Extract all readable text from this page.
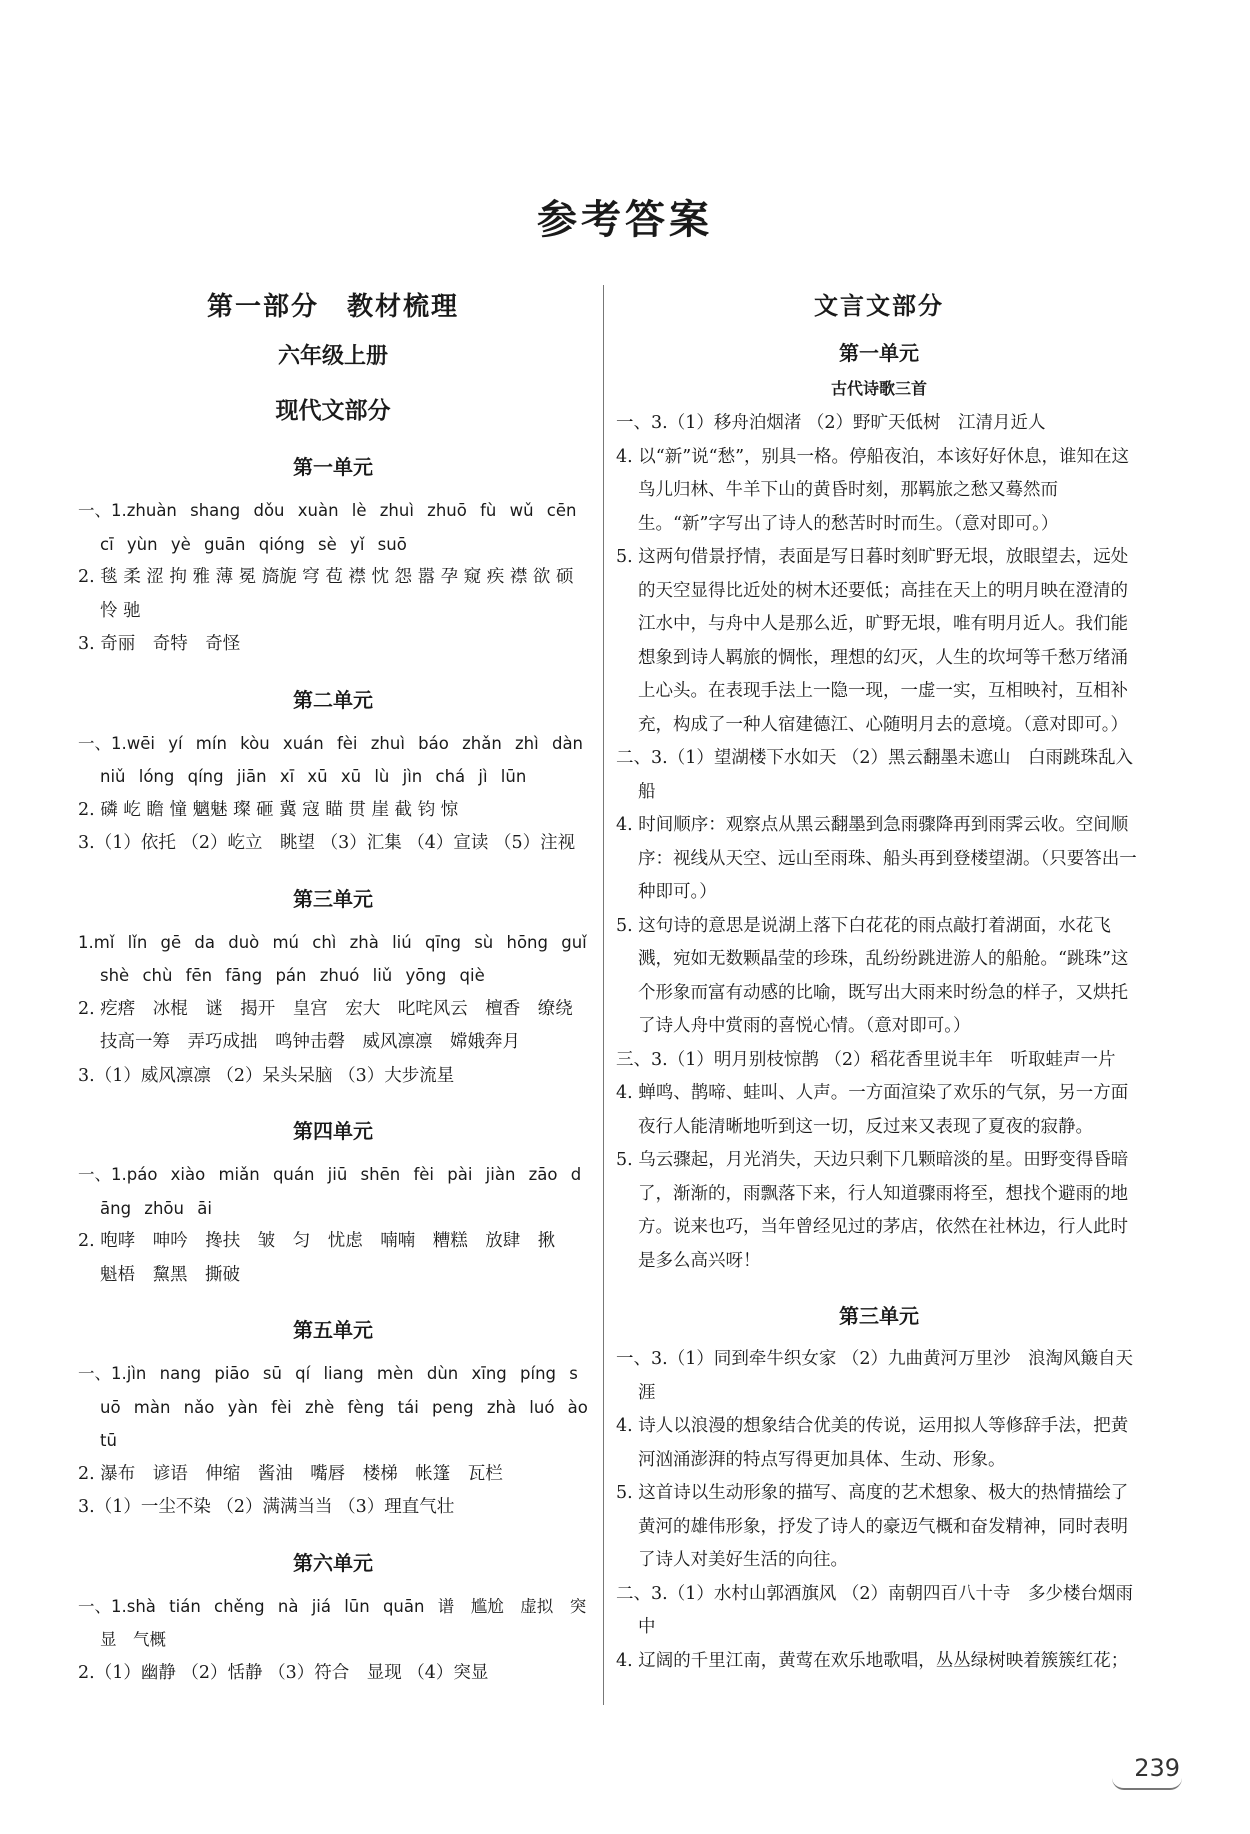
参考答案
第一部分　教材梳理
六年级上册
现代文部分
第一单元
一、1.zhuàn shang dǒu xuàn lè zhuì zhuō fù wǔ cēn cī yùn yè guān qióng sè yǐ suō
2. 毯 柔 涩 拘 雅 薄 冕 旖旎 穹 苞 襟 忱 怨 嚣 孕 窥 疾 襟 欲 硕 怜 驰
3. 奇丽　奇特　奇怪
第二单元
一、1.wēi yí mín kòu xuán fèi zhuì báo zhǎn zhì dàn niǔ lóng qíng jiān xī xū xū lù jìn chá jì lūn
2. 磷 屹 瞻 憧 魑魅 璨 砸 冀 寇 瞄 贯 崖 截 钧 惊
3.（1）依托 （2）屹立　眺望 （3）汇集 （4）宣读 （5）注视
第三单元
1.mǐ lǐn gē da duò mú chì zhà liú qīng sù hōng guǐ shè chù fēn fāng pán zhuó liǔ yōng qiè
2. 疙瘩　冰棍　谜　揭开　皇宫　宏大　叱咤风云　檀香　缭绕　技高一筹　弄巧成拙　鸣钟击磬　威风凛凛　嫦娥奔月
3.（1）威风凛凛 （2）呆头呆脑 （3）大步流星
第四单元
一、1.páo xiào miǎn quán jiū shēn fèi pài jiàn zāo dāng zhōu āi
2. 咆哮　呻吟　搀扶　皱　匀　忧虑　喃喃　糟糕　放肆　揪　魁梧　黧黑　撕破
第五单元
一、1.jìn nang piāo sū qí liang mèn dùn xīng píng suō màn nǎo yàn fèi zhè fèng tái peng zhà luó ào tū
2. 瀑布　谚语　伸缩　酱油　嘴唇　楼梯　帐篷　瓦栏
3.（1）一尘不染 （2）满满当当 （3）理直气壮
第六单元
一、1.shà tián chěng nà jiá lūn quān 谱　尴尬　虚拟　突显　气概
2.（1）幽静 （2）恬静 （3）符合　显现 （4）突显
文言文部分
第一单元
古代诗歌三首
一、3.（1）移舟泊烟渚 （2）野旷天低树　江清月近人
4. 以“新”说“愁”，别具一格。停船夜泊，本该好好休息，谁知在这鸟儿归林、牛羊下山的黄昏时刻，那羁旅之愁又蓦然而生。“新”字写出了诗人的愁苦时时而生。（意对即可。）
5. 这两句借景抒情，表面是写日暮时刻旷野无垠，放眼望去，远处的天空显得比近处的树木还要低；高挂在天上的明月映在澄清的江水中，与舟中人是那么近，旷野无垠，唯有明月近人。我们能想象到诗人羁旅的惆怅，理想的幻灭，人生的坎坷等千愁万绪涌上心头。在表现手法上一隐一现，一虚一实，互相映衬，互相补充，构成了一种人宿建德江、心随明月去的意境。（意对即可。）
二、3.（1）望湖楼下水如天 （2）黑云翻墨未遮山　白雨跳珠乱入船
4. 时间顺序：观察点从黑云翻墨到急雨骤降再到雨霁云收。空间顺序：视线从天空、远山至雨珠、船头再到登楼望湖。（只要答出一种即可。）
5. 这句诗的意思是说湖上落下白花花的雨点敲打着湖面，水花飞溅，宛如无数颗晶莹的珍珠，乱纷纷跳进游人的船舱。“跳珠”这个形象而富有动感的比喻，既写出大雨来时纷急的样子，又烘托了诗人舟中赏雨的喜悦心情。（意对即可。）
三、3.（1）明月别枝惊鹊 （2）稻花香里说丰年　听取蛙声一片
4. 蝉鸣、鹊啼、蛙叫、人声。一方面渲染了欢乐的气氛，另一方面夜行人能清晰地听到这一切，反过来又表现了夏夜的寂静。
5. 乌云骤起，月光消失，天边只剩下几颗暗淡的星。田野变得昏暗了，渐渐的，雨飘落下来，行人知道骤雨将至，想找个避雨的地方。说来也巧，当年曾经见过的茅店，依然在社林边，行人此时是多么高兴呀！
第三单元
一、3.（1）同到牵牛织女家 （2）九曲黄河万里沙　浪淘风簸自天涯
4. 诗人以浪漫的想象结合优美的传说，运用拟人等修辞手法，把黄河汹涌澎湃的特点写得更加具体、生动、形象。
5. 这首诗以生动形象的描写、高度的艺术想象、极大的热情描绘了黄河的雄伟形象，抒发了诗人的豪迈气概和奋发精神，同时表明了诗人对美好生活的向往。
二、3.（1）水村山郭酒旗风 （2）南朝四百八十寺　多少楼台烟雨中
4. 辽阔的千里江南，黄莺在欢乐地歌唱，丛丛绿树映着簇簇红花；
239
